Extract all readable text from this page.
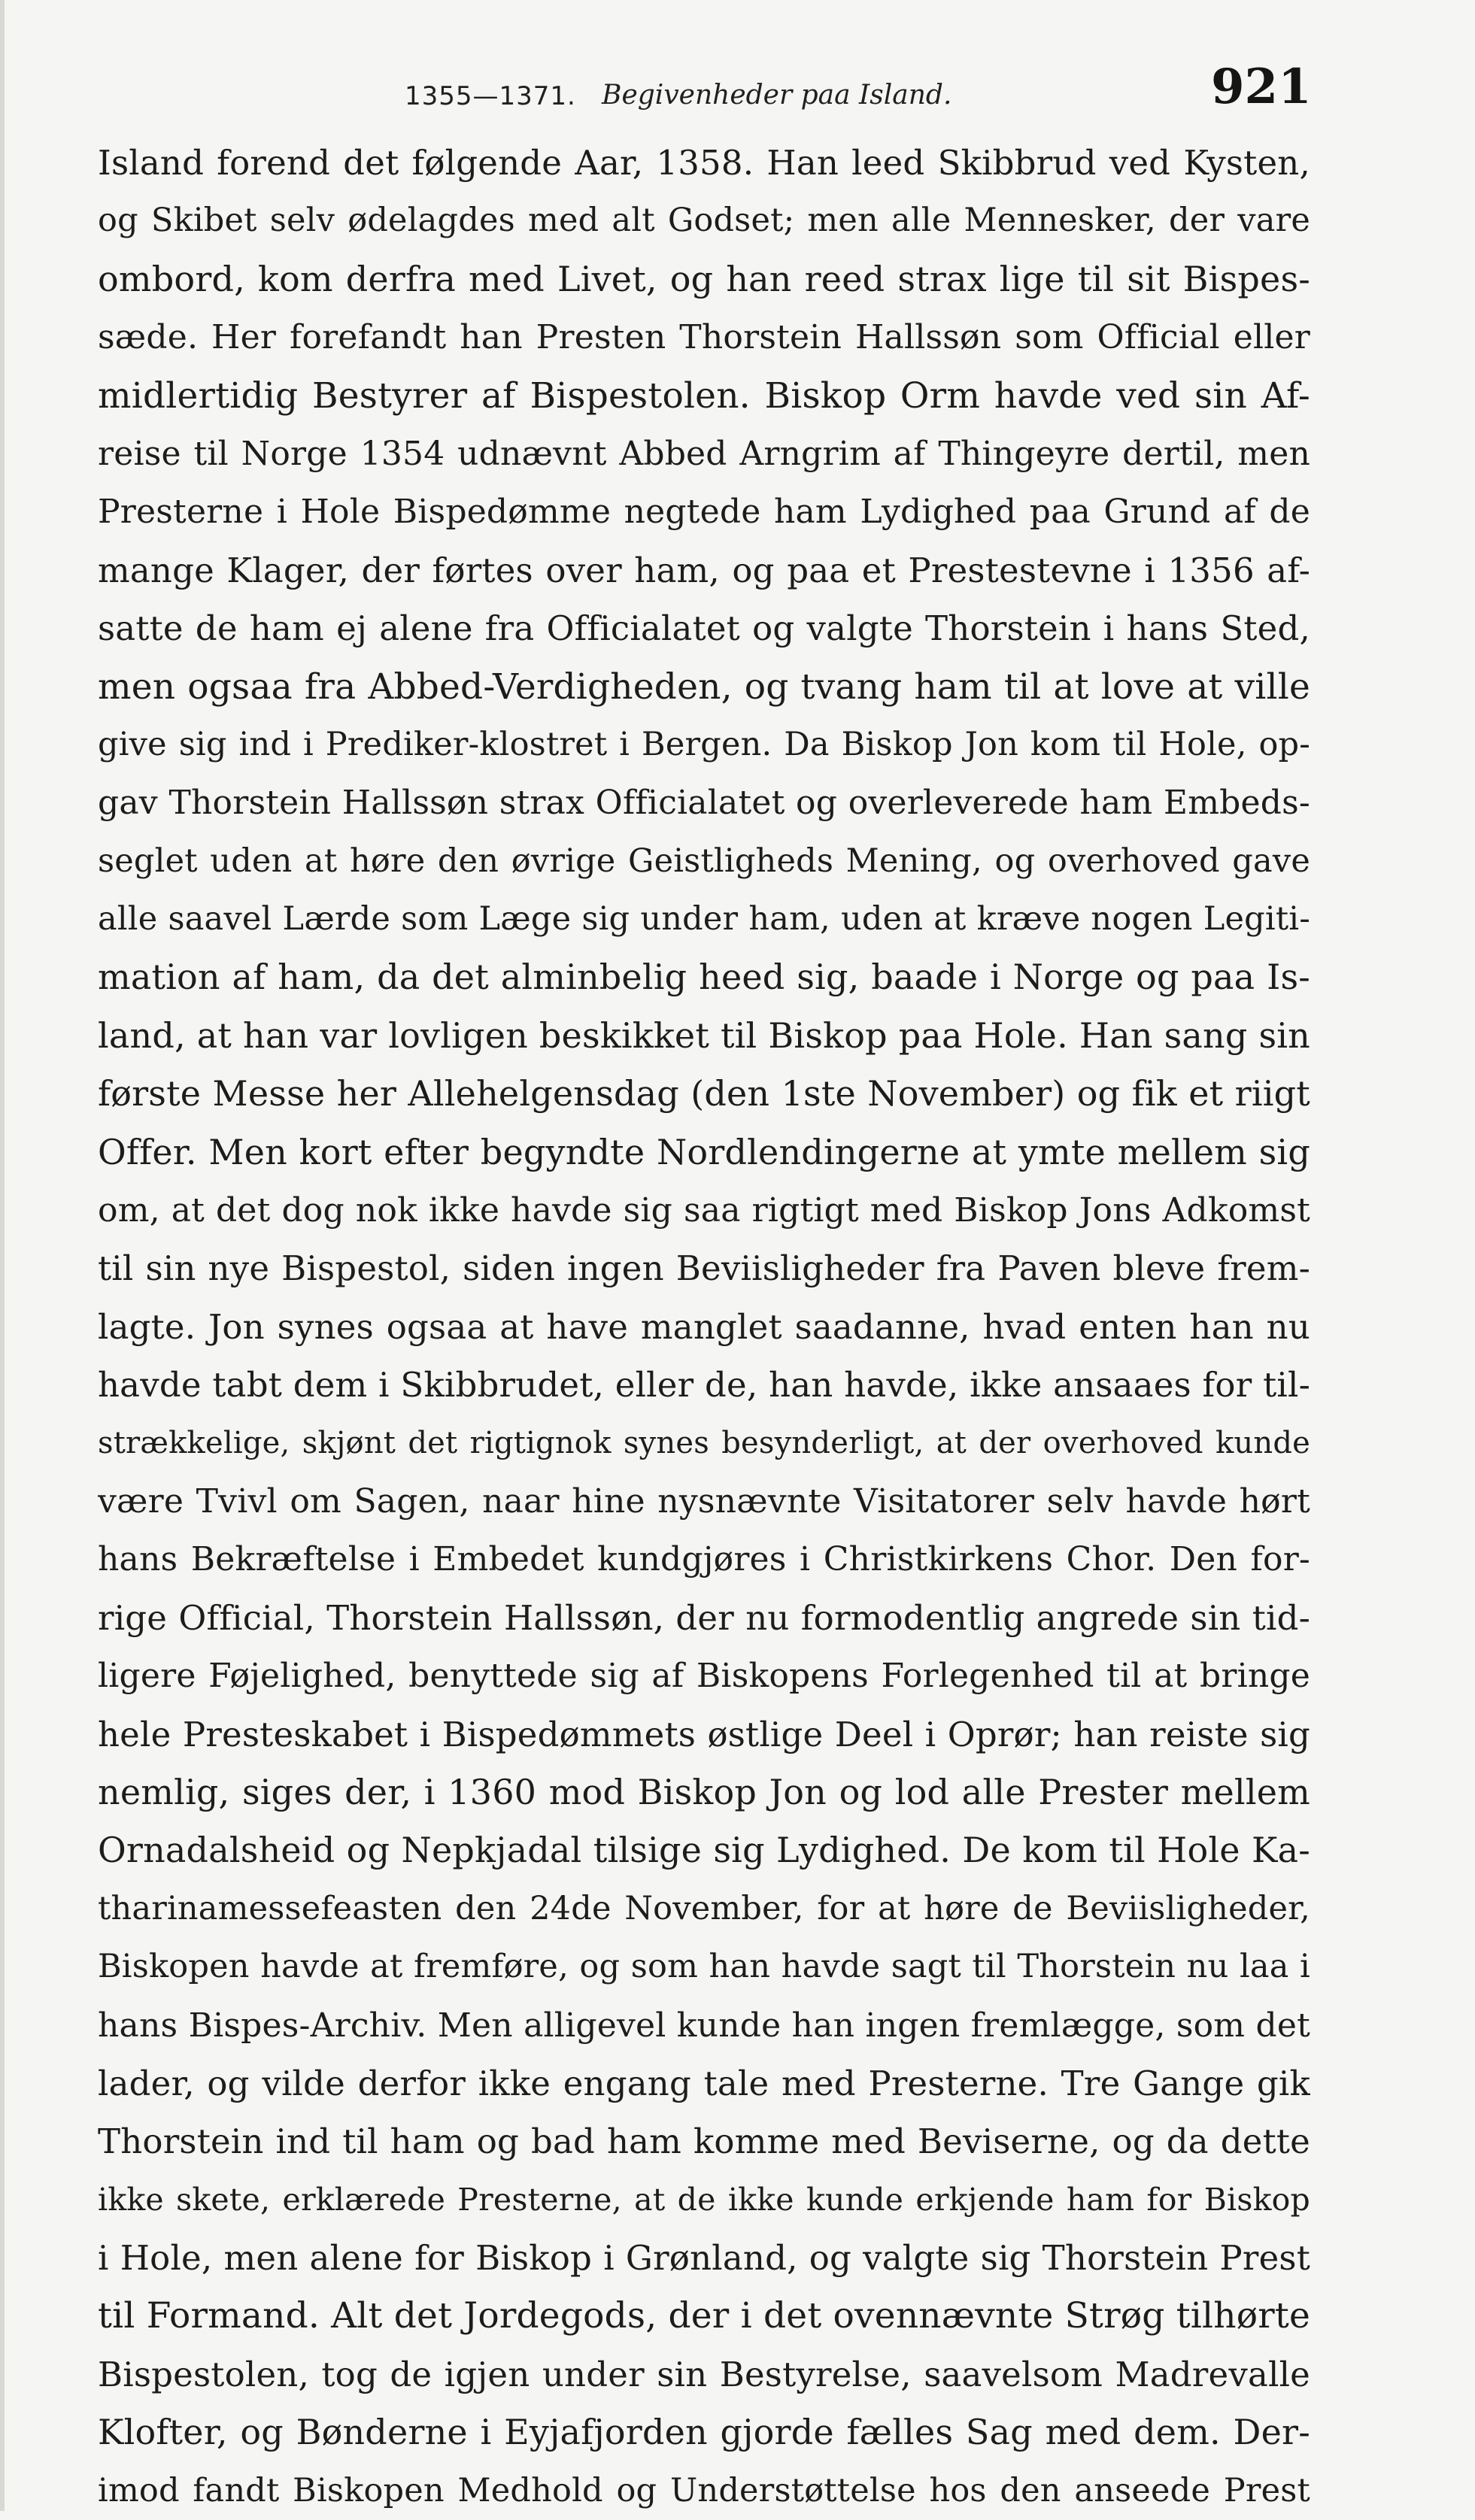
1355—1371. Begivenheder paa Island.	921
Island forend det følgende Aar, 1358. Han leed Skibbrud ved Kysten,
og Skibet selv ødelagdes med alt Godset; men alle Mennesker, der vare
ombord, kom derfra med Livet, og han reed strax lige til sit Bispes-
sæde. Her forefandt han Presten Thorstein Hallssøn som Official eller
midlertidig Bestyrer af Bispestolen. Biskop Orm havde ved sin Af-
reise til Norge 1354 udnævnt Abbed Arngrim af Thingeyre dertil, men
Presterne i Hole Bispedømme negtede ham Lydighed paa Grund af de
mange Klager, der førtes over ham, og paa et Prestestevne i 1356 af-
satte de ham ej alene fra Officialatet og valgte Thorstein i hans Sted,
men ogsaa fra Abbed-Verdigheden, og tvang ham til at love at ville
give sig ind i Prediker-klostret i Bergen. Da Biskop Jon kom til Hole, op-
gav Thorstein Hallssøn strax Officialatet og overleverede ham Embeds-
seglet uden at høre den øvrige Geistligheds Mening, og overhoved gave
alle saavel Lærde som Læge sig under ham, uden at kræve nogen Legiti-
mation af ham, da det alminbelig heed sig, baade i Norge og paa Is-
land, at han var lovligen beskikket til Biskop paa Hole. Han sang sin
første Messe her Allehelgensdag (den 1ste November) og fik et riigt
Offer. Men kort efter begyndte Nordlendingerne at ymte mellem sig
om, at det dog nok ikke havde sig saa rigtigt med Biskop Jons Adkomst
til sin nye Bispestol, siden ingen Beviisligheder fra Paven bleve frem-
lagte. Jon synes ogsaa at have manglet saadanne, hvad enten han nu
havde tabt dem i Skibbrudet, eller de, han havde, ikke ansaaes for til-
strækkelige, skjønt det rigtignok synes besynderligt, at der overhoved kunde
være Tvivl om Sagen, naar hine nysnævnte Visitatorer selv havde hørt
hans Bekræftelse i Embedet kundgjøres i Christkirkens Chor. Den for-
rige Official, Thorstein Hallssøn, der nu formodentlig angrede sin tid-
ligere Føjelighed, benyttede sig af Biskopens Forlegenhed til at bringe
hele Presteskabet i Bispedømmets østlige Deel i Oprør; han reiste sig
nemlig, siges der, i 1360 mod Biskop Jon og lod alle Prester mellem
Ornadalsheid og Nepkjadal tilsige sig Lydighed. De kom til Hole Ka-
tharinamessefeasten den 24de November, for at høre de Beviisligheder,
Biskopen havde at fremføre, og som han havde sagt til Thorstein nu laa i
hans Bispes-Archiv. Men alligevel kunde han ingen fremlægge, som det
lader, og vilde derfor ikke engang tale med Presterne. Tre Gange gik
Thorstein ind til ham og bad ham komme med Beviserne, og da dette
ikke skete, erklærede Presterne, at de ikke kunde erkjende ham for Biskop
i Hole, men alene for Biskop i Grønland, og valgte sig Thorstein Prest
til Formand. Alt det Jordegods, der i det ovennævnte Strøg tilhørte
Bispestolen, tog de igjen under sin Bestyrelse, saavelsom Madrevalle
Klofter, og Bønderne i Eyjafjorden gjorde fælles Sag med dem. Der-
imod fandt Biskopen Medhold og Understøttelse hos den anseede Prest
